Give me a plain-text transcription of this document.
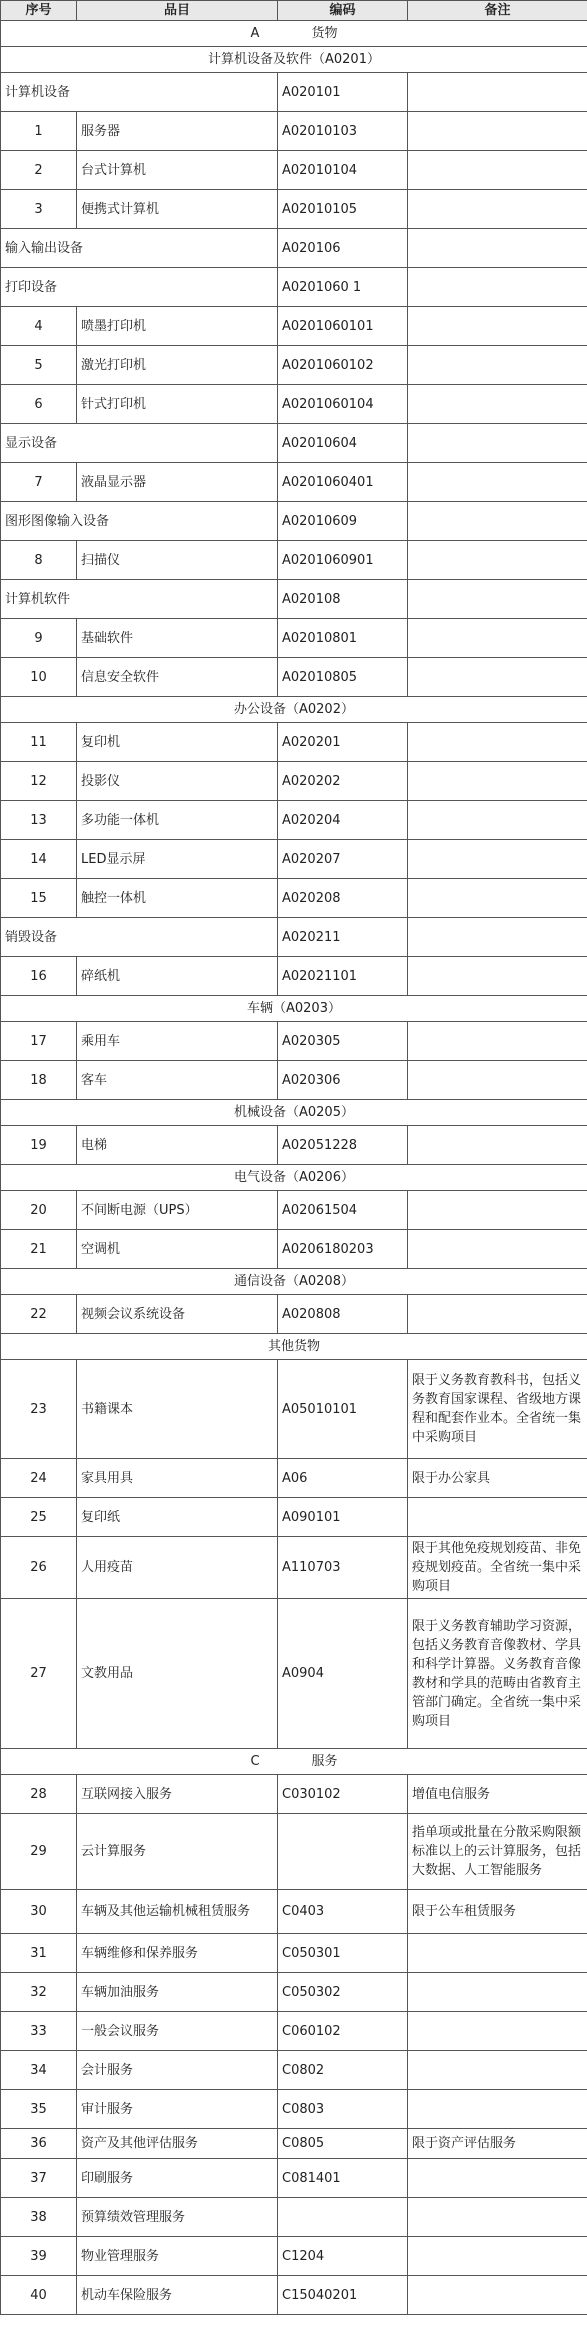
序号	品目	编码	备注
A　　　　货物			
计算机设备及软件（A0201）			
计算机设备		A020101	
1	服务器	A02010103	
2	台式计算机	A02010104	
3	便携式计算机	A02010105	
输入输出设备		A020106	
打印设备		A0201060 1	
4	喷墨打印机	A0201060101	
5	激光打印机	A0201060102	
6	针式打印机	A0201060104	
显示设备		A02010604	
7	液晶显示器	A0201060401	
图形图像输入设备		A02010609	
8	扫描仪	A0201060901	
计算机软件		A020108	
9	基础软件	A02010801	
10	信息安全软件	A02010805	
办公设备（A0202）			
11	复印机	A020201	
12	投影仪	A020202	
13	多功能一体机	A020204	
14	LED显示屏	A020207	
15	触控一体机	A020208	
销毁设备		A020211	
16	碎纸机	A02021101	
车辆（A0203）			
17	乘用车	A020305	
18	客车	A020306	
机械设备（A0205）			
19	电梯	A02051228	
电气设备（A0206）			
20	不间断电源（UPS）	A02061504	
21	空调机	A0206180203	
通信设备（A0208）			
22	视频会议系统设备	A020808	
其他货物			
23	书籍课本	A05010101	限于义务教育教科书，包括义务教育国家课程、省级地方课程和配套作业本。全省统一集中采购项目
24	家具用具	A06	限于办公家具
25	复印纸	A090101	
26	人用疫苗	A110703	限于其他免疫规划疫苗、非免疫规划疫苗。全省统一集中采购项目
27	文教用品	A0904	限于义务教育辅助学习资源，包括义务教育音像教材、学具和科学计算器。义务教育音像教材和学具的范畴由省教育主管部门确定。全省统一集中采购项目
C　　　　服务			
28	互联网接入服务	C030102	增值电信服务
29	云计算服务		指单项或批量在分散采购限额标准以上的云计算服务，包括大数据、人工智能服务
30	车辆及其他运输机械租赁服务	C0403	限于公车租赁服务
31	车辆维修和保养服务	C050301	
32	车辆加油服务	C050302	
33	一般会议服务	C060102	
34	会计服务	C0802	
35	审计服务	C0803	
36	资产及其他评估服务	C0805	限于资产评估服务
37	印刷服务	C081401	
38	预算绩效管理服务		
39	物业管理服务	C1204	
40	机动车保险服务	C15040201	
